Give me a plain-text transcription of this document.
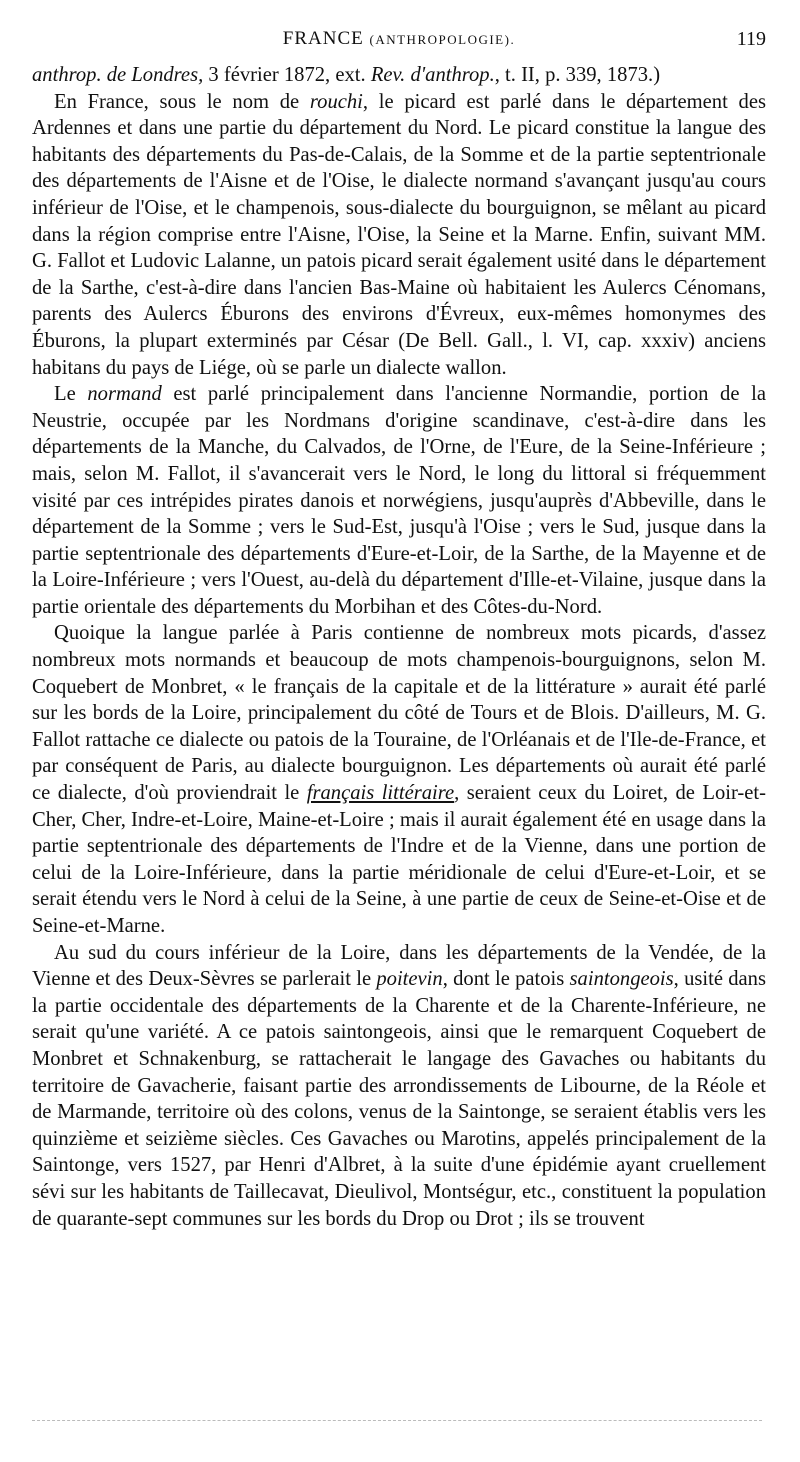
FRANCE (ANTHROPOLOGIE).	119

anthrop. de Londres, 3 février 1872, ext. Rev. d'anthrop., t. II, p. 339, 1873.)

En France, sous le nom de rouchi, le picard est parlé dans le département des Ardennes et dans une partie du département du Nord. Le picard constitue la langue des habitants des départements du Pas-de-Calais, de la Somme et de la partie septentrionale des départements de l'Aisne et de l'Oise, le dialecte normand s'avançant jusqu'au cours inférieur de l'Oise, et le champenois, sous-dialecte du bourguignon, se mêlant au picard dans la région comprise entre l'Aisne, l'Oise, la Seine et la Marne. Enfin, suivant MM. G. Fallot et Ludovic Lalanne, un patois picard serait également usité dans le département de la Sarthe, c'est-à-dire dans l'ancien Bas-Maine où habitaient les Aulercs Cénomans, parents des Aulercs Éburons des environs d'Évreux, eux-mêmes homonymes des Éburons, la plupart exterminés par César (De Bell. Gall., l. VI, cap. xxxiv) anciens habitans du pays de Liége, où se parle un dialecte wallon.

Le normand est parlé principalement dans l'ancienne Normandie, portion de la Neustrie, occupée par les Nordmans d'origine scandinave, c'est-à-dire dans les départements de la Manche, du Calvados, de l'Orne, de l'Eure, de la Seine-Inférieure ; mais, selon M. Fallot, il s'avancerait vers le Nord, le long du littoral si fréquemment visité par ces intrépides pirates danois et norwégiens, jusqu'auprès d'Abbeville, dans le département de la Somme ; vers le Sud-Est, jusqu'à l'Oise ; vers le Sud, jusque dans la partie septentrionale des départements d'Eure-et-Loir, de la Sarthe, de la Mayenne et de la Loire-Inférieure ; vers l'Ouest, au-delà du département d'Ille-et-Vilaine, jusque dans la partie orientale des départements du Morbihan et des Côtes-du-Nord.

Quoique la langue parlée à Paris contienne de nombreux mots picards, d'assez nombreux mots normands et beaucoup de mots champenois-bourguignons, selon M. Coquebert de Monbret, « le français de la capitale et de la littérature » aurait été parlé sur les bords de la Loire, principalement du côté de Tours et de Blois. D'ailleurs, M. G. Fallot rattache ce dialecte ou patois de la Touraine, de l'Orléanais et de l'Ile-de-France, et par conséquent de Paris, au dialecte bourguignon. Les départements où aurait été parlé ce dialecte, d'où proviendrait le français littéraire, seraient ceux du Loiret, de Loir-et-Cher, Cher, Indre-et-Loire, Maine-et-Loire ; mais il aurait également été en usage dans la partie septentrionale des départements de l'Indre et de la Vienne, dans une portion de celui de la Loire-Inférieure, dans la partie méridionale de celui d'Eure-et-Loir, et se serait étendu vers le Nord à celui de la Seine, à une partie de ceux de Seine-et-Oise et de Seine-et-Marne.

Au sud du cours inférieur de la Loire, dans les départements de la Vendée, de la Vienne et des Deux-Sèvres se parlerait le poitevin, dont le patois saintongeois, usité dans la partie occidentale des départements de la Charente et de la Charente-Inférieure, ne serait qu'une variété. A ce patois saintongeois, ainsi que le remarquent Coquebert de Monbret et Schnakenburg, se rattacherait le langage des Gavaches ou habitants du territoire de Gavacherie, faisant partie des arrondissements de Libourne, de la Réole et de Marmande, territoire où des colons, venus de la Saintonge, se seraient établis vers les quinzième et seizième siècles. Ces Gavaches ou Marotins, appelés principalement de la Saintonge, vers 1527, par Henri d'Albret, à la suite d'une épidémie ayant cruellement sévi sur les habitants de Taillecavat, Dieulivol, Montségur, etc., constituent la population de quarante-sept communes sur les bords du Drop ou Drot ; ils se trouvent
